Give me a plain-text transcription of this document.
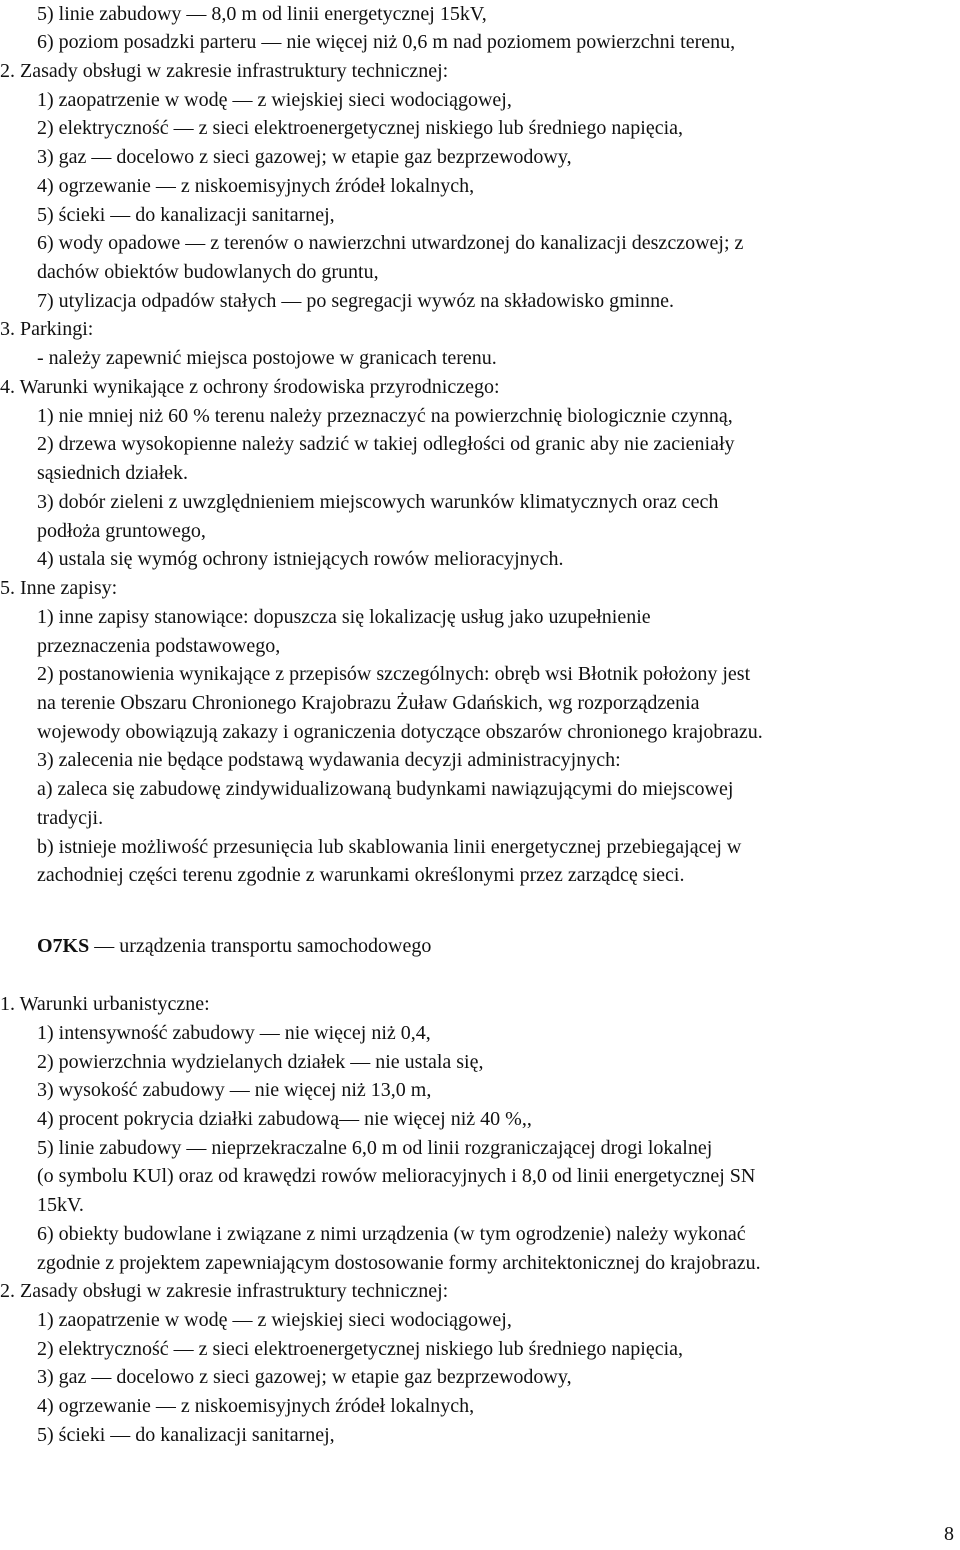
5) linie zabudowy — 8,0 m od linii energetycznej 15kV,
6) poziom posadzki parteru — nie więcej niż 0,6 m nad poziomem powierzchni terenu,
2. Zasady obsługi w zakresie infrastruktury technicznej:
1) zaopatrzenie w wodę — z wiejskiej sieci wodociągowej,
2) elektryczność — z sieci elektroenergetycznej niskiego lub średniego napięcia,
3) gaz — docelowo z sieci gazowej; w etapie gaz bezprzewodowy,
4) ogrzewanie — z niskoemisyjnych źródeł lokalnych,
5) ścieki — do kanalizacji sanitarnej,
6) wody opadowe — z terenów o nawierzchni utwardzonej do kanalizacji deszczowej; z
dachów obiektów budowlanych do gruntu,
7) utylizacja odpadów stałych — po segregacji wywóz na składowisko gminne.
3. Parkingi:
- należy zapewnić miejsca postojowe w granicach terenu.
4. Warunki wynikające z ochrony środowiska przyrodniczego:
1) nie mniej niż 60 % terenu należy przeznaczyć na powierzchnię biologicznie czynną,
2) drzewa wysokopienne należy sadzić w takiej odległości od granic aby nie zacieniały
sąsiednich działek.
3) dobór zieleni z uwzględnieniem miejscowych warunków klimatycznych oraz cech
podłoża gruntowego,
4) ustala się wymóg ochrony istniejących rowów melioracyjnych.
5. Inne zapisy:
1) inne zapisy stanowiące: dopuszcza się lokalizację usług jako uzupełnienie
przeznaczenia podstawowego,
2) postanowienia wynikające z przepisów szczególnych: obręb wsi Błotnik położony jest
na terenie Obszaru Chronionego Krajobrazu Żuław Gdańskich, wg rozporządzenia
wojewody obowiązują zakazy i ograniczenia dotyczące obszarów chronionego krajobrazu.
3) zalecenia nie będące podstawą wydawania decyzji administracyjnych:
a) zaleca się zabudowę zindywidualizowaną budynkami nawiązującymi do miejscowej
tradycji.
b) istnieje możliwość przesunięcia lub skablowania linii energetycznej przebiegającej w
zachodniej części terenu zgodnie z warunkami określonymi przez zarządcę sieci.
O7KS — urządzenia transportu samochodowego
1. Warunki urbanistyczne:
1) intensywność zabudowy — nie więcej niż 0,4,
2) powierzchnia wydzielanych działek — nie ustala się,
3) wysokość zabudowy — nie więcej niż 13,0 m,
4) procent pokrycia działki zabudową— nie więcej niż 40 %,,
5) linie zabudowy — nieprzekraczalne 6,0 m od linii rozgraniczającej drogi lokalnej
(o symbolu KUl) oraz od krawędzi rowów melioracyjnych i 8,0 od linii energetycznej SN
15kV.
6) obiekty budowlane i związane z nimi urządzenia (w tym ogrodzenie) należy wykonać
zgodnie z projektem zapewniającym dostosowanie formy architektonicznej do krajobrazu.
2. Zasady obsługi w zakresie infrastruktury technicznej:
1) zaopatrzenie w wodę — z wiejskiej sieci wodociągowej,
2) elektryczność — z sieci elektroenergetycznej niskiego lub średniego napięcia,
3) gaz — docelowo z sieci gazowej; w etapie gaz bezprzewodowy,
4) ogrzewanie — z niskoemisyjnych źródeł lokalnych,
5) ścieki — do kanalizacji sanitarnej,
8
